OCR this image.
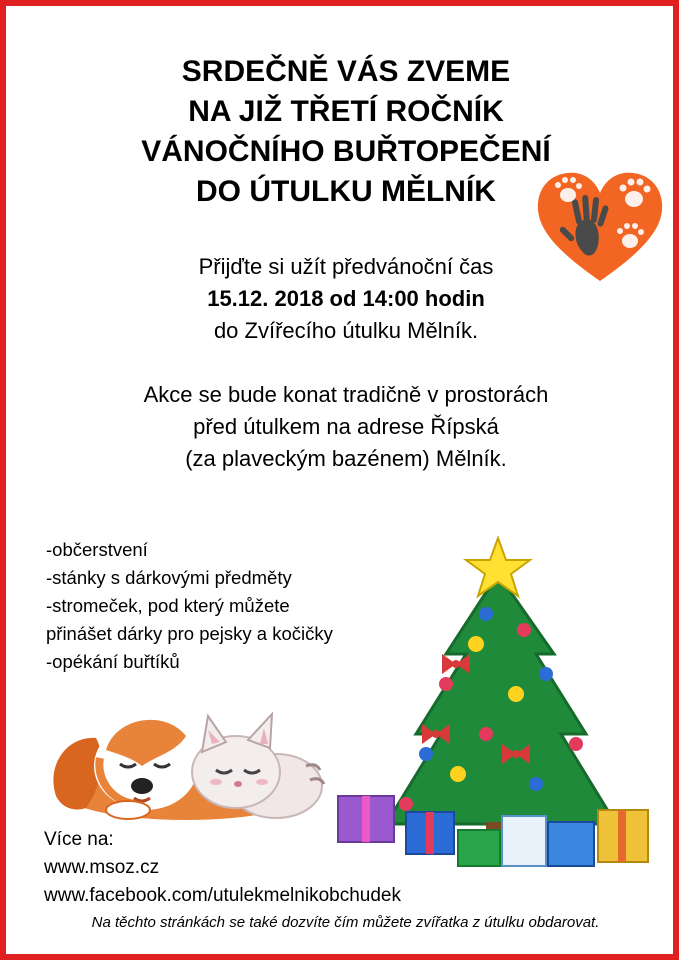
SRDEČNĚ VÁS ZVEME
NA JIŽ TŘETÍ ROČNÍK
VÁNOČNÍHO BUŘTOPEČENÍ
DO ÚTULKU MĚLNÍK
Přijďte si užít předvánoční čas
15.12. 2018 od 14:00 hodin
do Zvířecího útulku Mělník.
Akce se bude konat tradičně v prostorách
před útulkem na adrese Řípská
(za plaveckým bazénem) Mělník.
-občerstvení
-stánky s dárkovými předměty
-stromeček, pod který můžete
přinášet dárky pro pejsky a kočičky
-opékání buřtíků
Více na:
www.msoz.cz
www.facebook.com/utulekmelnikobchudek
Na těchto stránkách se také dozvíte čím můžete zvířatka z útulku obdarovat.
